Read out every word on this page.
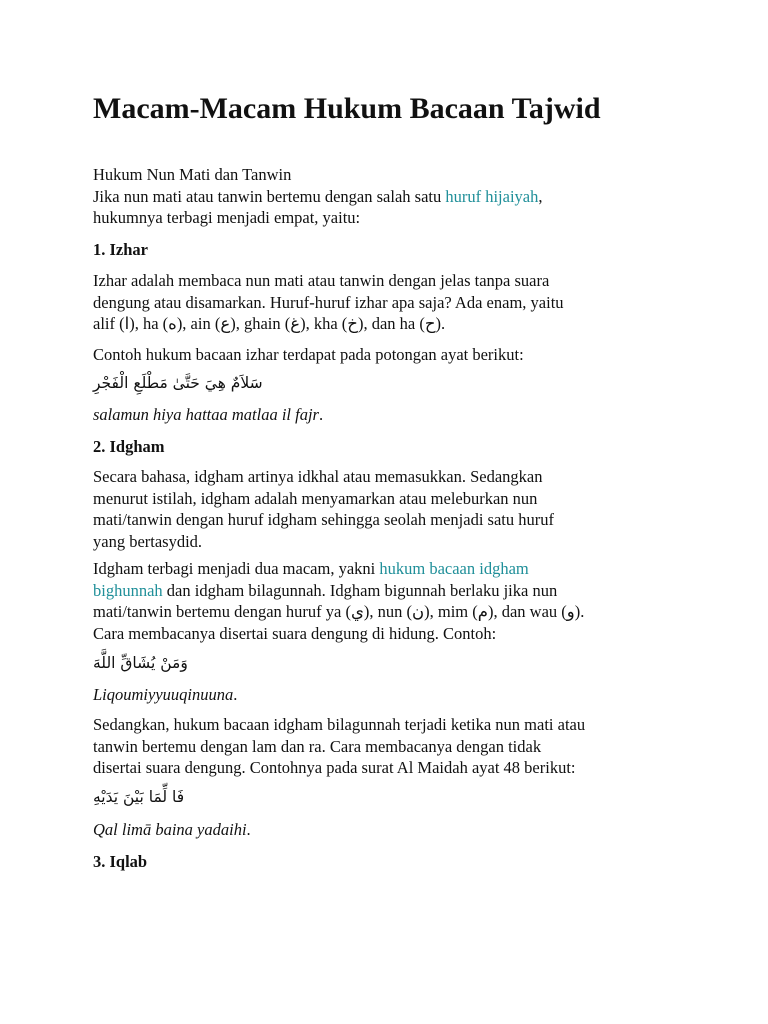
Macam-Macam Hukum Bacaan Tajwid
Hukum Nun Mati dan Tanwin
Jika nun mati atau tanwin bertemu dengan salah satu huruf hijaiyah,
hukumnya terbagi menjadi empat, yaitu:
1. Izhar
Izhar adalah membaca nun mati atau tanwin dengan jelas tanpa suara
dengung atau disamarkan. Huruf-huruf izhar apa saja? Ada enam, yaitu
alif (ا), ha (ه), ain (ع), ghain (غ), kha (خ), dan ha (ح).
Contoh hukum bacaan izhar terdapat pada potongan ayat berikut:
سَلاَمٌ هِيَ حَتَّىٰ مَطْلَعِ الْفَجْرِ
salamun hiya hattaa matlaa il fajr.
2. Idgham
Secara bahasa, idgham artinya idkhal atau memasukkan. Sedangkan
menurut istilah, idgham adalah menyamarkan atau meleburkan nun
mati/tanwin dengan huruf idgham sehingga seolah menjadi satu huruf
yang bertasydid.
Idgham terbagi menjadi dua macam, yakni hukum bacaan idgham
bighunnah dan idgham bilagunnah. Idgham bigunnah berlaku jika nun
mati/tanwin bertemu dengan huruf ya (ي), nun (ن), mim (م), dan wau (و).
Cara membacanya disertai suara dengung di hidung. Contoh:
وَمَنْ يُشَاقِّ اللَّهَ
Liqoumiyyuuqinuuna.
Sedangkan, hukum bacaan idgham bilagunnah terjadi ketika nun mati atau
tanwin bertemu dengan lam dan ra. Cara membacanya dengan tidak
disertai suara dengung. Contohnya pada surat Al Maidah ayat 48 berikut:
فَا لِّمَا بَيْنَ يَدَيْهِ
Qal limā baina yadaihi.
3. Iqlab
